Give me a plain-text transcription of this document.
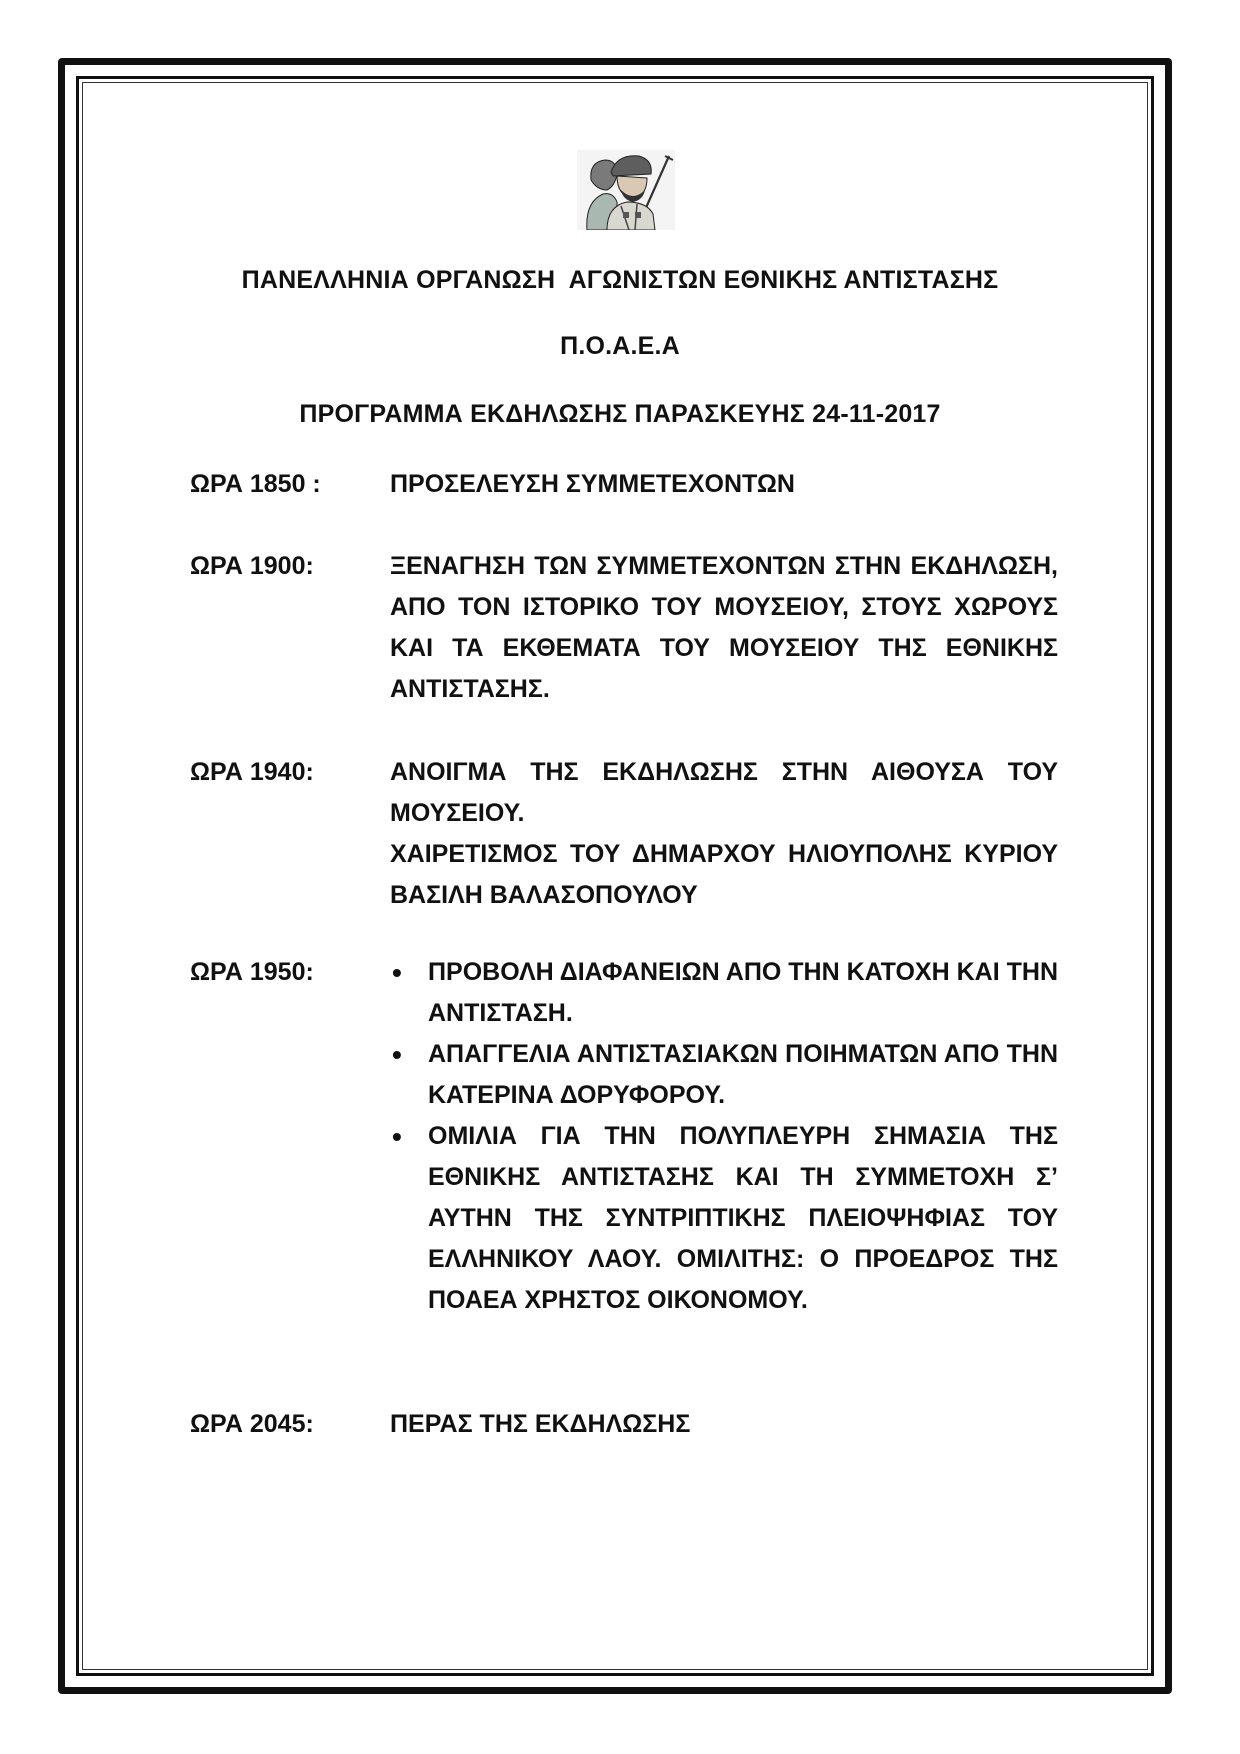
ΠΑΝΕΛΛΗΝΙΑ ΟΡΓΑΝΩΣΗ  ΑΓΩΝΙΣΤΩΝ ΕΘΝΙΚΗΣ ΑΝΤΙΣΤΑΣΗΣ
Π.Ο.Α.Ε.Α
ΠΡΟΓΡΑΜΜΑ ΕΚΔΗΛΩΣΗΣ ΠΑΡΑΣΚΕΥΗΣ 24-11-2017
ΩΡΑ 1850 :	ΠΡΟΣΕΛΕΥΣΗ ΣΥΜΜΕΤΕΧΟΝΤΩΝ

ΩΡΑ 1900:	ΞΕΝΑΓΗΣΗ ΤΩΝ ΣΥΜΜΕΤΕΧΟΝΤΩΝ ΣΤΗΝ ΕΚΔΗΛΩΣΗ, ΑΠΟ ΤΟΝ ΙΣΤΟΡΙΚΟ ΤΟΥ ΜΟΥΣΕΙΟΥ, ΣΤΟΥΣ ΧΩΡΟΥΣ ΚΑΙ ΤΑ ΕΚΘΕΜΑΤΑ ΤΟΥ ΜΟΥΣΕΙΟΥ ΤΗΣ ΕΘΝΙΚΗΣ ΑΝΤΙΣΤΑΣΗΣ.

ΩΡΑ 1940:	ΑΝΟΙΓΜΑ ΤΗΣ ΕΚΔΗΛΩΣΗΣ ΣΤΗΝ ΑΙΘΟΥΣΑ ΤΟΥ ΜΟΥΣΕΙΟΥ.

ΧΑΙΡΕΤΙΣΜΟΣ ΤΟΥ ΔΗΜΑΡΧΟΥ ΗΛΙΟΥΠΟΛΗΣ ΚΥΡΙΟΥ ΒΑΣΙΛΗ ΒΑΛΑΣΟΠΟΥΛΟΥ

ΩΡΑ 1950:
•	ΠΡΟΒΟΛΗ ΔΙΑΦΑΝΕΙΩΝ ΑΠΟ ΤΗΝ ΚΑΤΟΧΗ ΚΑΙ ΤΗΝ ΑΝΤΙΣΤΑΣΗ.
• ΑΠΑΓΓΕΛΙΑ ΑΝΤΙΣΤΑΣΙΑΚΩΝ ΠΟΙΗΜΑΤΩΝ ΑΠΟ ΤΗΝ ΚΑΤΕΡΙΝΑ ΔΟΡΥΦΟΡΟΥ.
• ΟΜΙΛΙΑ ΓΙΑ ΤΗΝ ΠΟΛΥΠΛΕΥΡΗ ΣΗΜΑΣΙΑ ΤΗΣ ΕΘΝΙΚΗΣ ΑΝΤΙΣΤΑΣΗΣ ΚΑΙ ΤΗ ΣΥΜΜΕΤΟΧΗ Σ’ ΑΥΤΗΝ ΤΗΣ ΣΥΝΤΡΙΠΤΙΚΗΣ ΠΛΕΙΟΨΗΦΙΑΣ ΤΟΥ ΕΛΛΗΝΙΚΟΥ ΛΑΟΥ. ΟΜΙΛΙΤΗΣ: Ο ΠΡΟΕΔΡΟΣ ΤΗΣ ΠΟΑΕΑ ΧΡΗΣΤΟΣ ΟΙΚΟΝΟΜΟΥ.
ΩΡΑ 2045:	ΠΕΡΑΣ ΤΗΣ ΕΚΔΗΛΩΣΗΣ
